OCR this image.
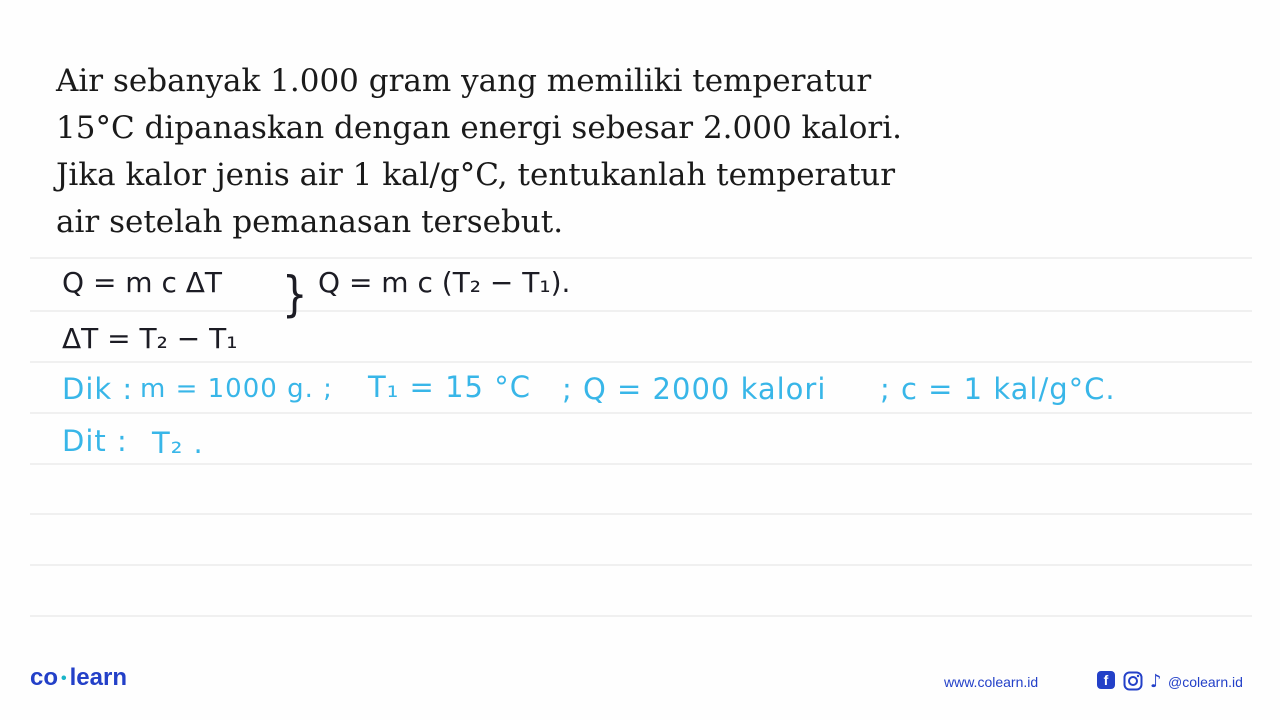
Air sebanyak 1.000 gram yang memiliki temperatur
15°C dipanaskan dengan energi sebesar 2.000 kalori.
Jika kalor jenis air 1 kal/g°C, tentukanlah temperatur
air setelah pemanasan tersebut.
Q = m c ΔT } Q = m c (T₂ − T₁).
ΔT = T₂ − T₁
Dik : m = 1000 g. ; T₁ = 15 °C ; Q = 2000 kalori ; c = 1 kal/g°C.
Dit : T₂ .
co • learn	www.colearn.id	f	♪ @colearn.id
